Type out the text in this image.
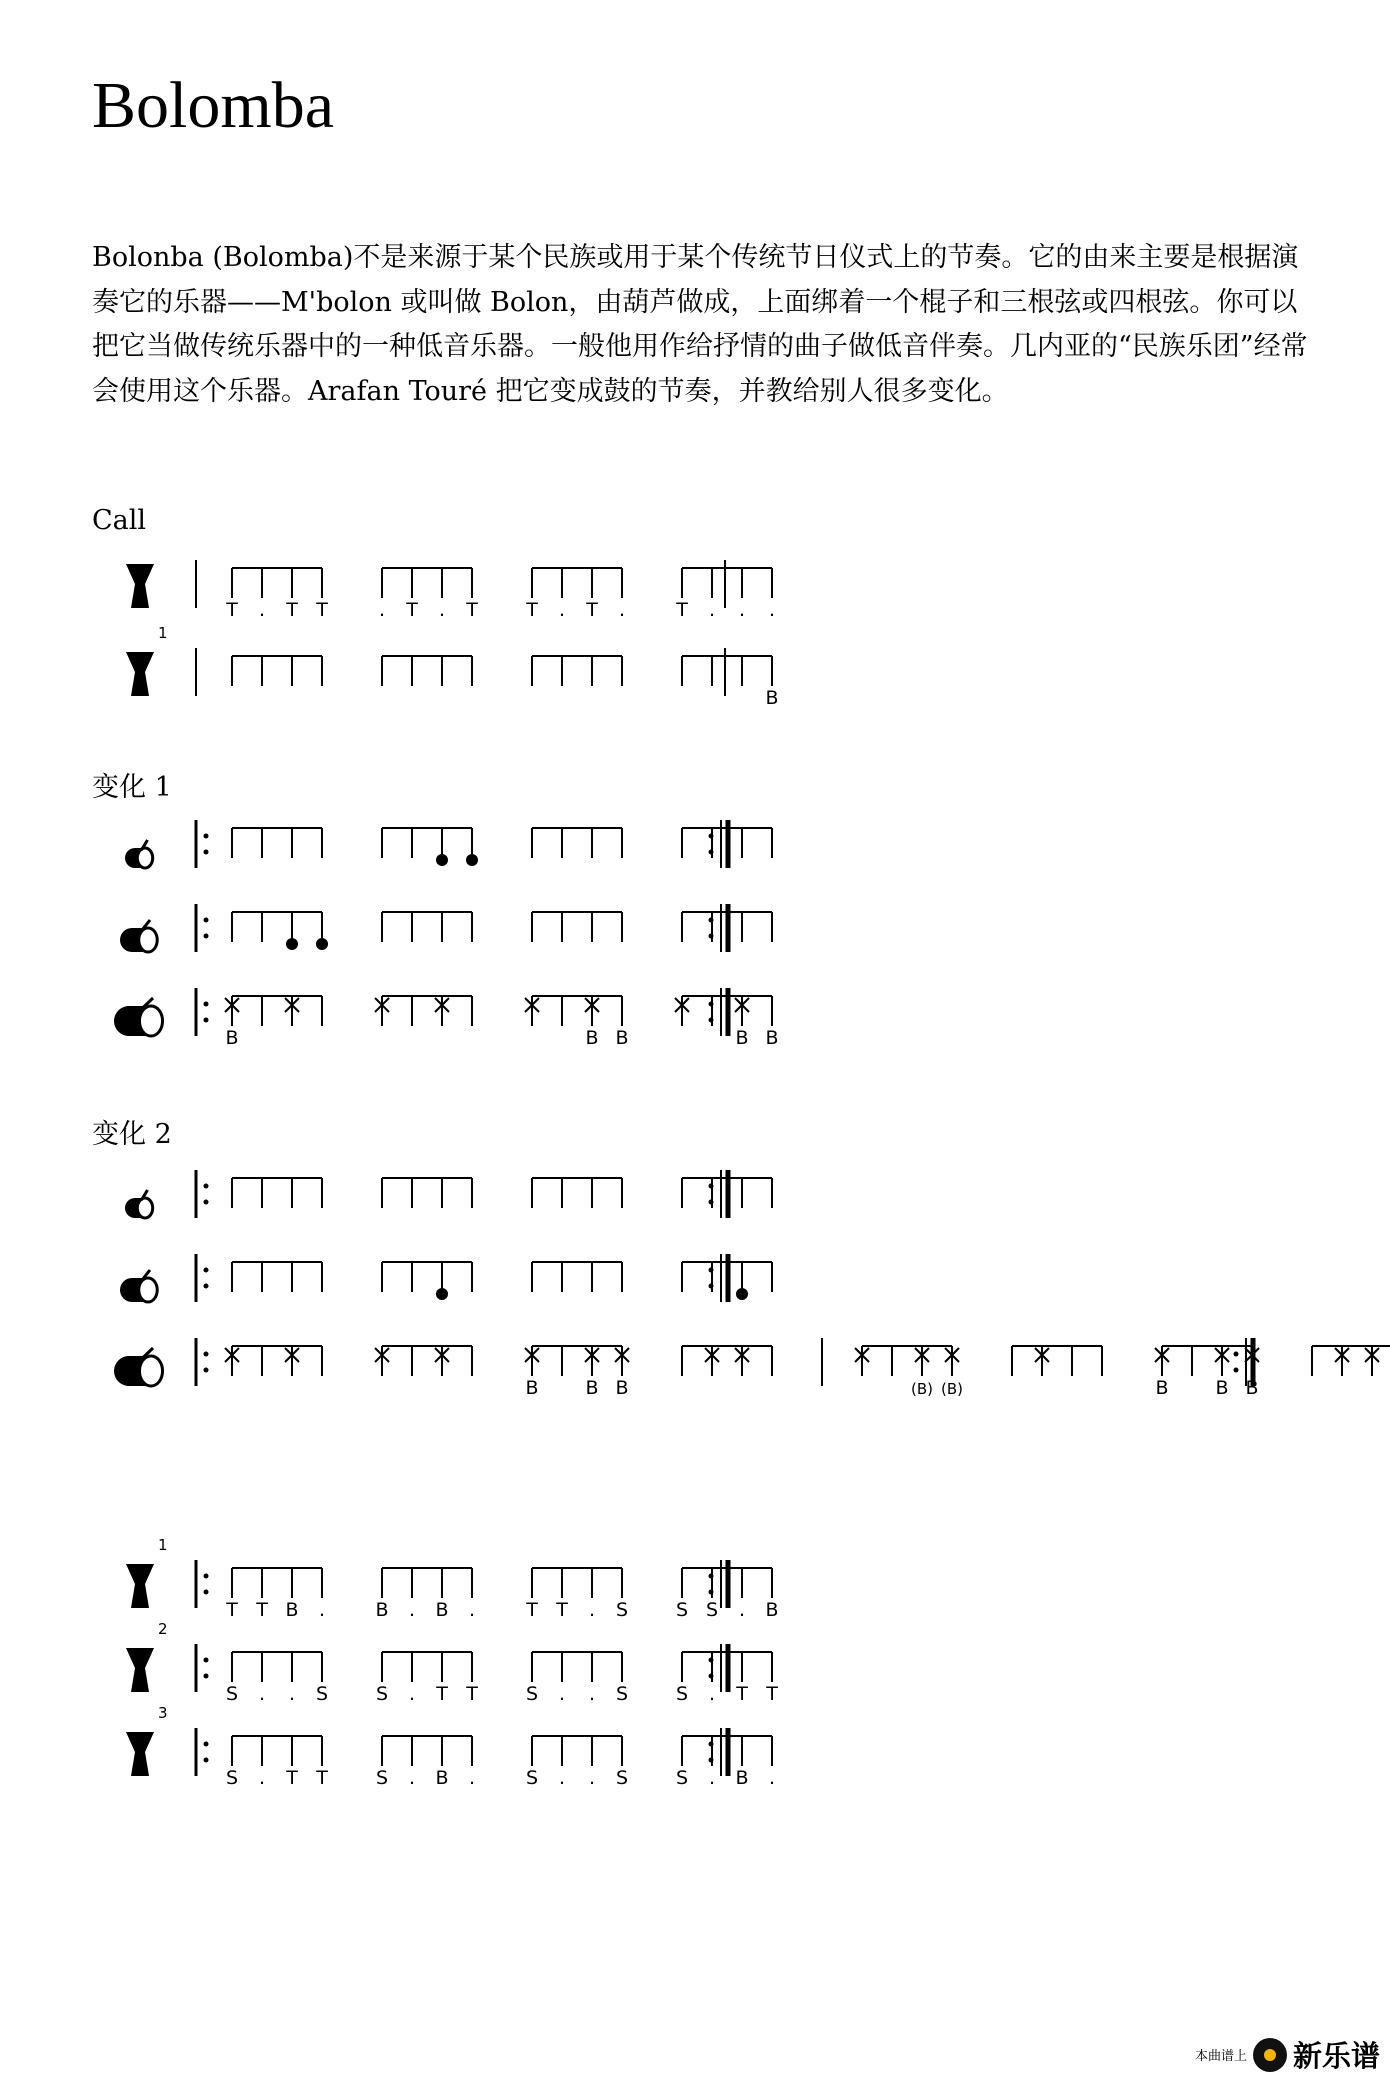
Bolomba
Bolonba (Bolomba)不是来源于某个民族或用于某个传统节日仪式上的节奏。它的由来主要是根据演奏它的乐器——M'bolon 或叫做 Bolon，由葫芦做成，上面绑着一个棍子和三根弦或四根弦。你可以把它当做传统乐器中的一种低音乐器。一般他用作给抒情的曲子做低音伴奏。几内亚的“民族乐团”经常会使用这个乐器。Arafan Touré 把它变成鼓的节奏，并教给别人很多变化。
Call
变化 1
变化 2
T . T T	. T . T	T . T .	T . . .
1
B
B	B B	B B
B B B	(B) (B)	B B B
1
T T B .	B . B .	T T . S	S S . B
2
S . . S	S . T T	S . . S	S . T T
3
S . T T	S . B .	S . . S	S . B .
本曲谱上 新乐谱
